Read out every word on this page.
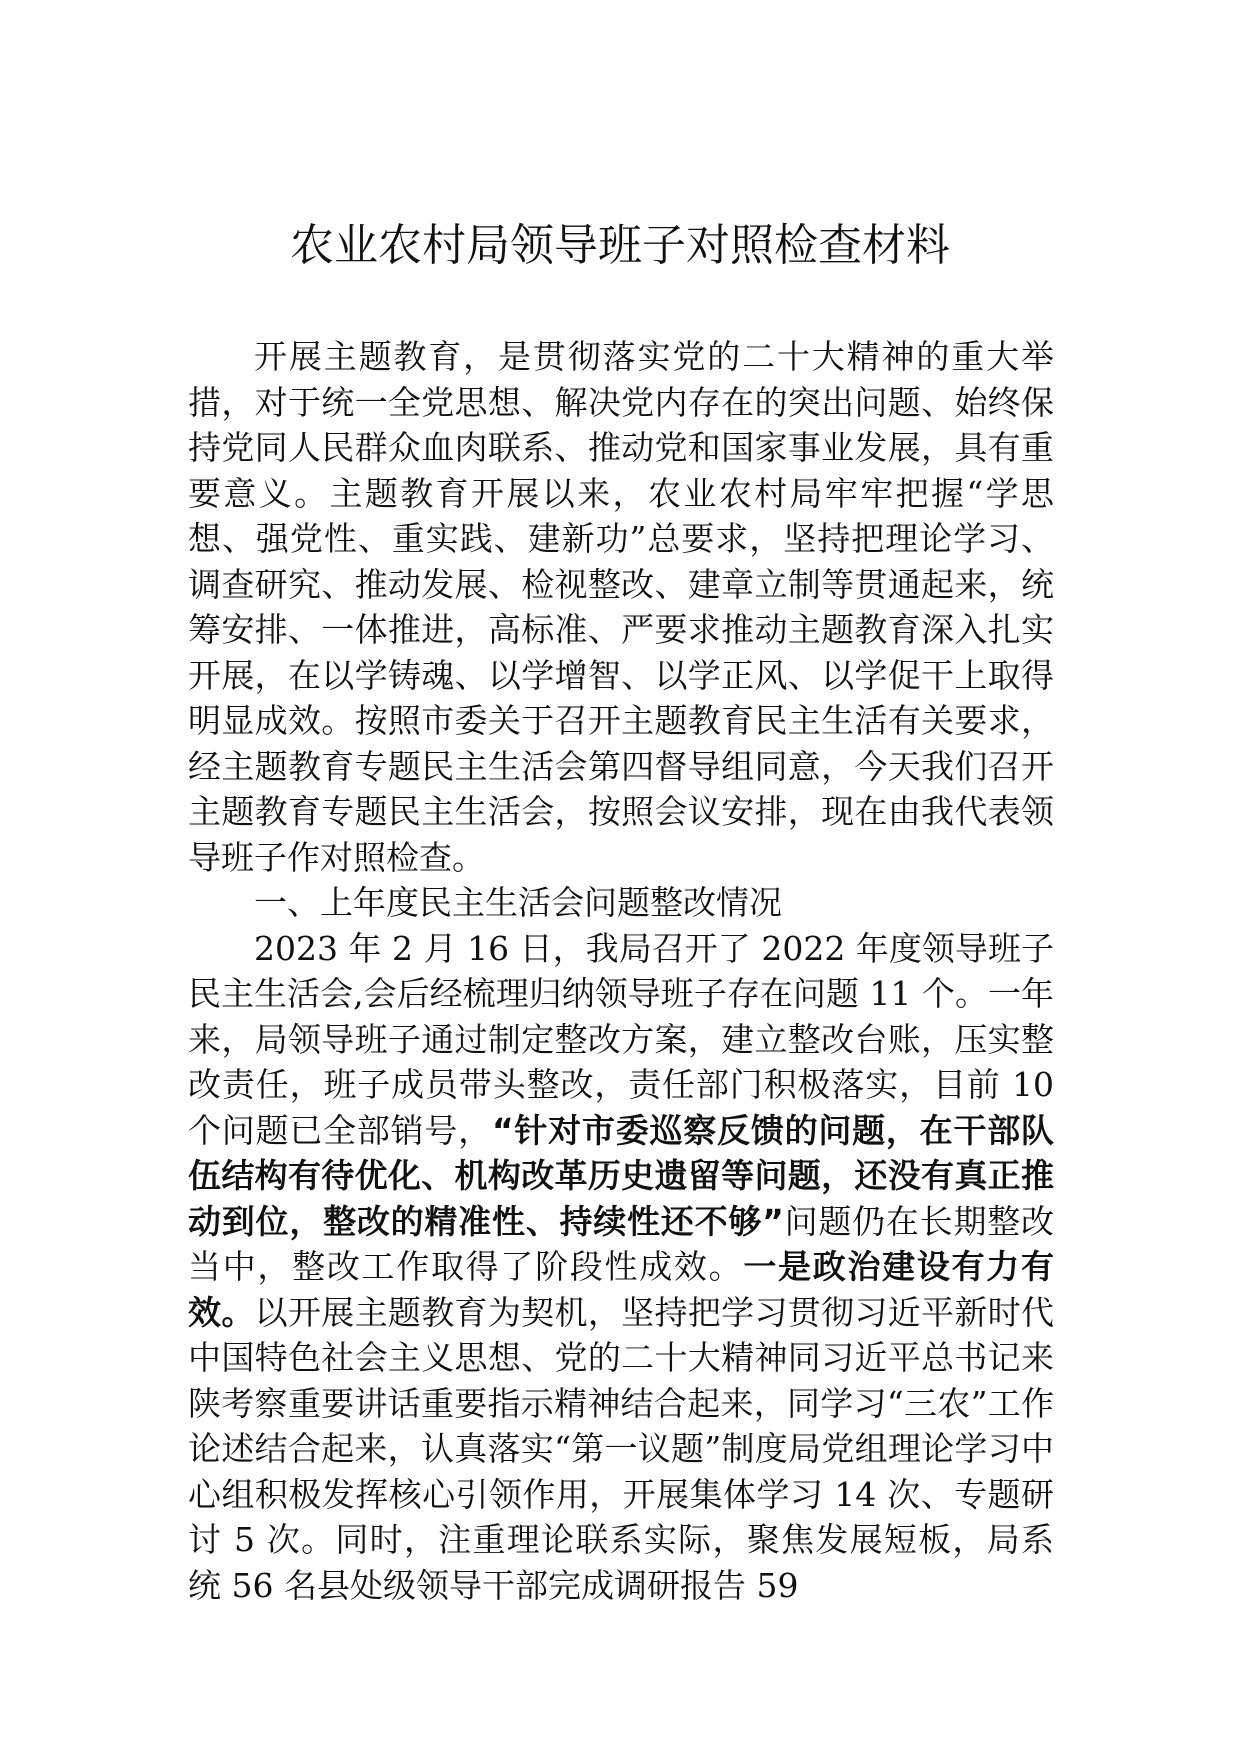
农业农村局领导班子对照检查材料

开展主题教育，是贯彻落实党的二十大精神的重大举措，对于统一全党思想、解决党内存在的突出问题、始终保持党同人民群众血肉联系、推动党和国家事业发展，具有重要意义。主题教育开展以来，农业农村局牢牢把握“学思想、强党性、重实践、建新功”总要求，坚持把理论学习、调查研究、推动发展、检视整改、建章立制等贯通起来，统筹安排、一体推进，高标准、严要求推动主题教育深入扎实开展，在以学铸魂、以学增智、以学正风、以学促干上取得明显成效。按照市委关于召开主题教育民主生活有关要求，经主题教育专题民主生活会第四督导组同意，今天我们召开主题教育专题民主生活会，按照会议安排，现在由我代表领导班子作对照检查。

一、上年度民主生活会问题整改情况

2023 年 2 月 16 日，我局召开了 2022 年度领导班子民主生活会,会后经梳理归纳领导班子存在问题 11 个。一年来，局领导班子通过制定整改方案，建立整改台账，压实整改责任，班子成员带头整改，责任部门积极落实，目前 10 个问题已全部销号，“针对市委巡察反馈的问题，在干部队伍结构有待优化、机构改革历史遗留等问题，还没有真正推动到位，整改的精准性、持续性还不够”问题仍在长期整改当中，整改工作取得了阶段性成效。一是政治建设有力有效。以开展主题教育为契机，坚持把学习贯彻习近平新时代中国特色社会主义思想、党的二十大精神同习近平总书记来陕考察重要讲话重要指示精神结合起来，同学习“三农”工作论述结合起来，认真落实“第一议题”制度局党组理论学习中心组积极发挥核心引领作用，开展集体学习 14 次、专题研讨 5 次。同时，注重理论联系实际，聚焦发展短板，局系统 56 名县处级领导干部完成调研报告 59
